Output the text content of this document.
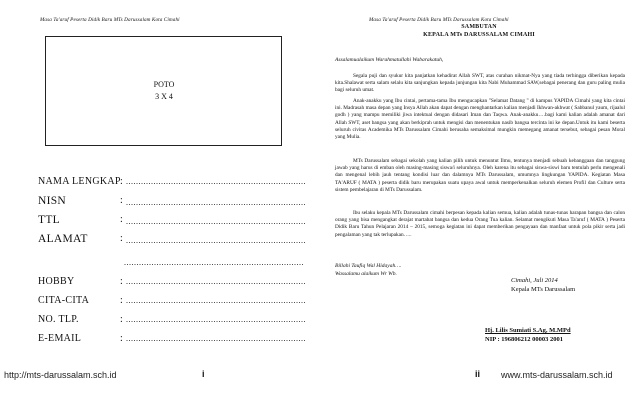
Masa Ta'aruf Peserta Didik Baru MTs Darussalam Kota Cimahi
POTO
3 X 4
NAMA LENGKAP : ........................................................................
NISN	: ........................................................................
TTL	: ........................................................................
ALAMAT	: ........................................................................
........................................................................
HOBBY	: ........................................................................
CITA-CITA	: ........................................................................
NO. TLP.	: ........................................................................
E-EMAIL	: ........................................................................
http://mts-darussalam.sch.id	i
Masa Ta'aruf Peserta Didik Baru MTs Darussalam Kota Cimahi
SAMBUTAN
KEPALA MTs DARUSSALAM CIMAHI
Assalamualaikum Warahmatullahi Wabarakatuh,
Segala puji dan syukur kita panjatkan kehadirat Allah SWT, atas curahan nikmat-Nya yang tiada terhingga diberikan kepada kita.Shalawat serta salam selalu kita sanjungkan kepada junjungan kita Nabi Muhammad SAW,sebagai penerang dan guru paling mulia bagi seluruh umat.
Anak-anakku yang Ibu cintai, pertama-tama Ibu mengucapkan "Selamat Datang " di kampus YAPIDA Cimahi yang kita cintai ini. Madrasah masa depan yang Insya Allah akan dapat dengan menghantarkan kalian menjadi Ikhwan-akhwat ( Sabbanul yaum, rijaalul godh ) yang mampu memiliki jiwa intektual dengan didasari Iman dan Taqwa. Anak-anakku….bagi kami kalian adalah amanat dari Allah SWT, aset bangsa yang akan berkiprah untuk mengisi dan menentukan nasib bangsa tercinta ini ke depan.Untuk itu kami beserta seluruh civitas Academika MTs Darussalam Cimahi berusaha semaksimal mungkin memegang amanat tersebut, sebagai pesan Moral yang Mulia.
MTs Darussalam sebagai sekolah yang kalian pilih untuk menuntut Ilmu, tentunya menjadi sebuah kebanggaan dan tanggung jawab yang harus di emban oleh masing-masing siswa/i seluruhnya. Oleh karena itu sebagai siswa-siswi baru tentulah perlu mengenali dan mengenal lebih jauh tentang kondisi luar dan dalamnya MTs Darussalam, umumnya lingkungan YAPIDA. Kegiatan Masa TA'ARUF ( MATA ) peserta didik baru merupakan suatu upaya awal untuk memperkenalkan seluruh elemen Profil dan Culture serta sistem pembelajaran di MTs Darussalam.
Ibu selaku kepala MTs Darussalam cimahi berpesan kepada kalian semua, kalian adalah tunas-tunas harapan bangsa dan calon orang yang bisa mengangkat derajat martabat bangsa dan kedua Orang Tua kalian. Selamat mengikuti Masa Ta'aruf ( MATA ) Peserta Didik Baru Tahun Pelajaran 2014 – 2015, semoga kegiatan ini dapat memberikan pengayaan dan manfaat untuk pola pikir serta jadi pengalaman yang tak terlupakan…..
Billahi Taufiq Wal Hidayah….
Wassalamu alaikum Wr Wb.
Cimahi, Juli 2014
Kepala MTs Darussalam
Hj. Lilis Sumiati S.Ag, M.MPd
NIP : 196806212 00003 2001
ii www.mts-darussalam.sch.id
